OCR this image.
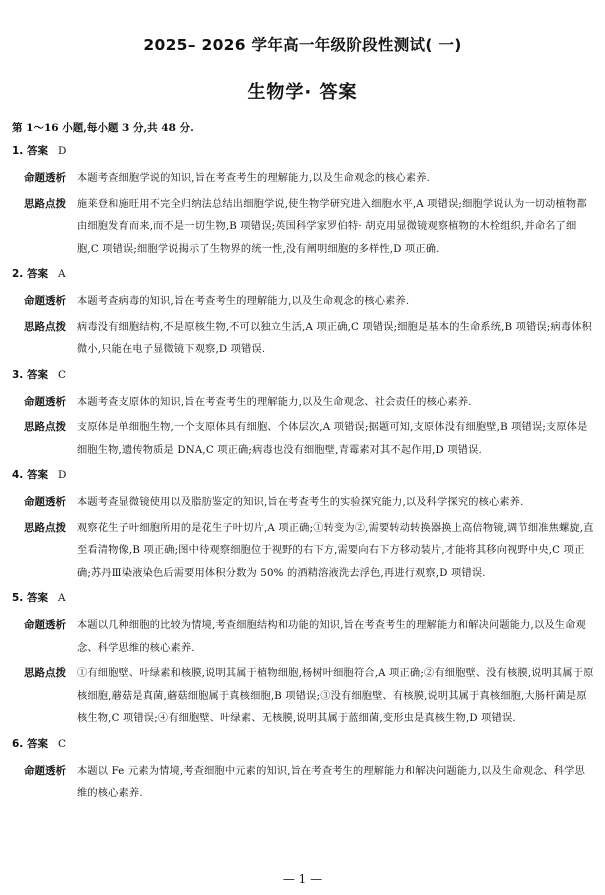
2025– 2026 学年高一年级阶段性测试( 一)
生物学· 答案

第 1～16 小题,每小题 3 分,共 48 分.

1. 答案 D

命题透析 本题考查细胞学说的知识,旨在考查考生的理解能力,以及生命观念的核心素养.

思路点拨 施莱登和施旺用不完全归纳法总结出细胞学说,使生物学研究进入细胞水平,A 项错误;细胞学说认为一切动植物都由细胞发育而来,而不是一切生物,B 项错误;英国科学家罗伯特· 胡克用显微镜观察植物的木栓组织,并命名了细胞,C 项错误;细胞学说揭示了生物界的统一性,没有阐明细胞的多样性,D 项正确.

2. 答案 A

命题透析 本题考查病毒的知识,旨在考查考生的理解能力,以及生命观念的核心素养.

思路点拨 病毒没有细胞结构,不是原核生物,不可以独立生活,A 项正确,C 项错误;细胞是基本的生命系统,B 项错误;病毒体积微小,只能在电子显微镜下观察,D 项错误.

3. 答案 C

命题透析 本题考查支原体的知识,旨在考查考生的理解能力,以及生命观念、社会责任的核心素养.

思路点拨 支原体是单细胞生物,一个支原体具有细胞、个体层次,A 项错误;据题可知,支原体没有细胞壁,B 项错误;支原体是细胞生物,遗传物质是 DNA,C 项正确;病毒也没有细胞壁,青霉素对其不起作用,D 项错误.

4. 答案 D

命题透析 本题考查显微镜使用以及脂肪鉴定的知识,旨在考查考生的实验探究能力,以及科学探究的核心素养.

思路点拨 观察花生子叶细胞所用的是花生子叶切片,A 项正确;①转变为②,需要转动转换器换上高倍物镜,调节细准焦螺旋,直至看清物像,B 项正确;图中待观察细胞位于视野的右下方,需要向右下方移动装片,才能将其移向视野中央,C 项正确;苏丹Ⅲ染液染色后需要用体积分数为 50% 的酒精溶液洗去浮色,再进行观察,D 项错误.

5. 答案 A

命题透析 本题以几种细胞的比较为情境,考查细胞结构和功能的知识,旨在考查考生的理解能力和解决问题能力,以及生命观念、科学思维的核心素养.

思路点拨 ①有细胞壁、叶绿素和核膜,说明其属于植物细胞,杨树叶细胞符合,A 项正确;②有细胞壁、没有核膜,说明其属于原核细胞,蘑菇是真菌,蘑菇细胞属于真核细胞,B 项错误;③没有细胞壁、有核膜,说明其属于真核细胞,大肠杆菌是原核生物,C 项错误;④有细胞壁、叶绿素、无核膜,说明其属于蓝细菌,变形虫是真核生物,D 项错误.

6. 答案 C

命题透析 本题以 Fe 元素为情境,考查细胞中元素的知识,旨在考查考生的理解能力和解决问题能力,以及生命观念、科学思维的核心素养.

— 1 —
